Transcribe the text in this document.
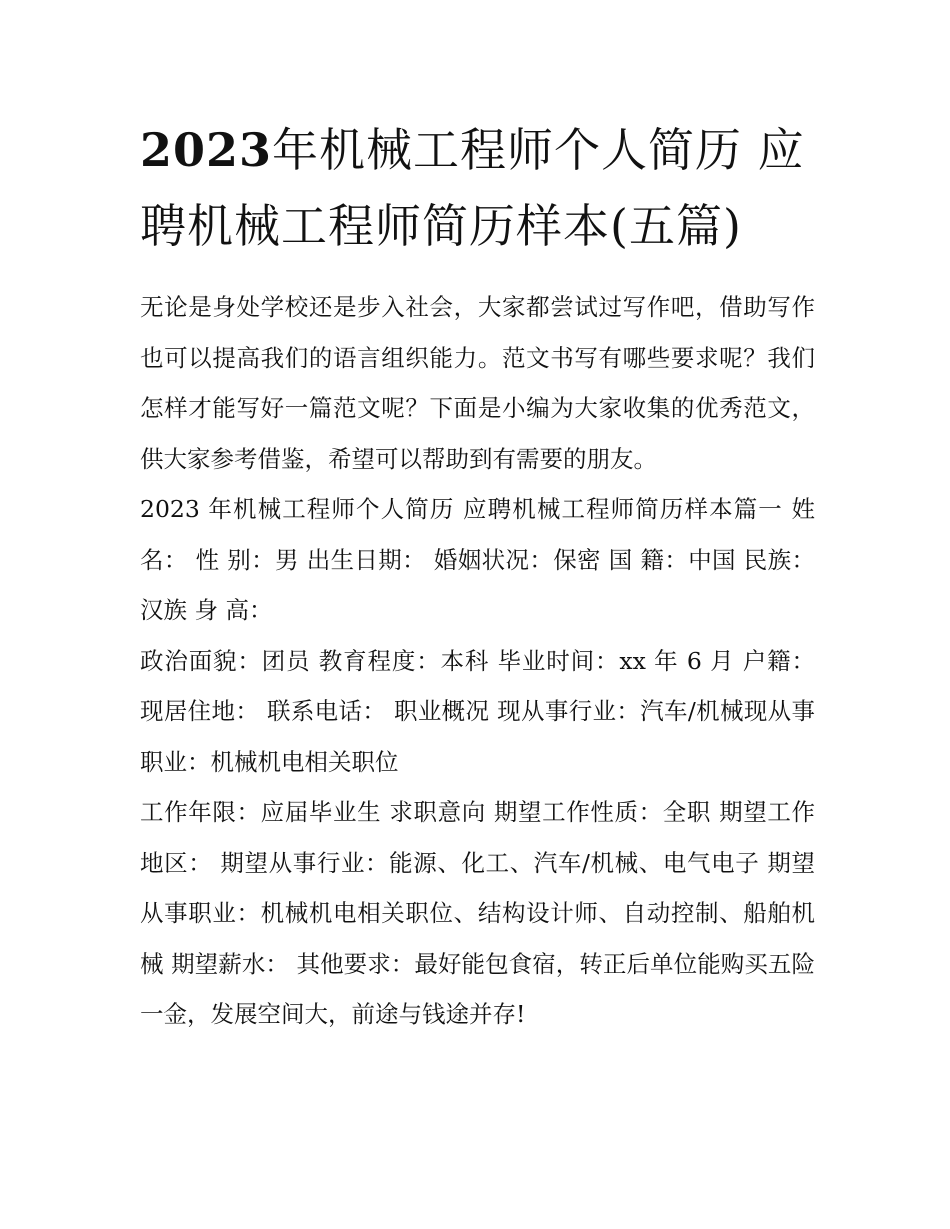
2023年机械工程师个人简历 应聘机械工程师简历样本(五篇)

无论是身处学校还是步入社会，大家都尝试过写作吧，借助写作也可以提高我们的语言组织能力。范文书写有哪些要求呢？我们怎样才能写好一篇范文呢？下面是小编为大家收集的优秀范文，供大家参考借鉴，希望可以帮助到有需要的朋友。

2023 年机械工程师个人简历 应聘机械工程师简历样本篇一 姓名： 性 别：男 出生日期： 婚姻状况：保密 国 籍：中国 民族：汉族 身 高：

政治面貌：团员 教育程度：本科 毕业时间：xx 年 6 月 户籍： 现居住地： 联系电话： 职业概况 现从事行业：汽车/机械现从事职业：机械机电相关职位

工作年限：应届毕业生 求职意向 期望工作性质：全职 期望工作地区： 期望从事行业：能源、化工、汽车/机械、电气电子 期望从事职业：机械机电相关职位、结构设计师、自动控制、船舶机械 期望薪水： 其他要求：最好能包食宿，转正后单位能购买五险一金，发展空间大，前途与钱途并存!
